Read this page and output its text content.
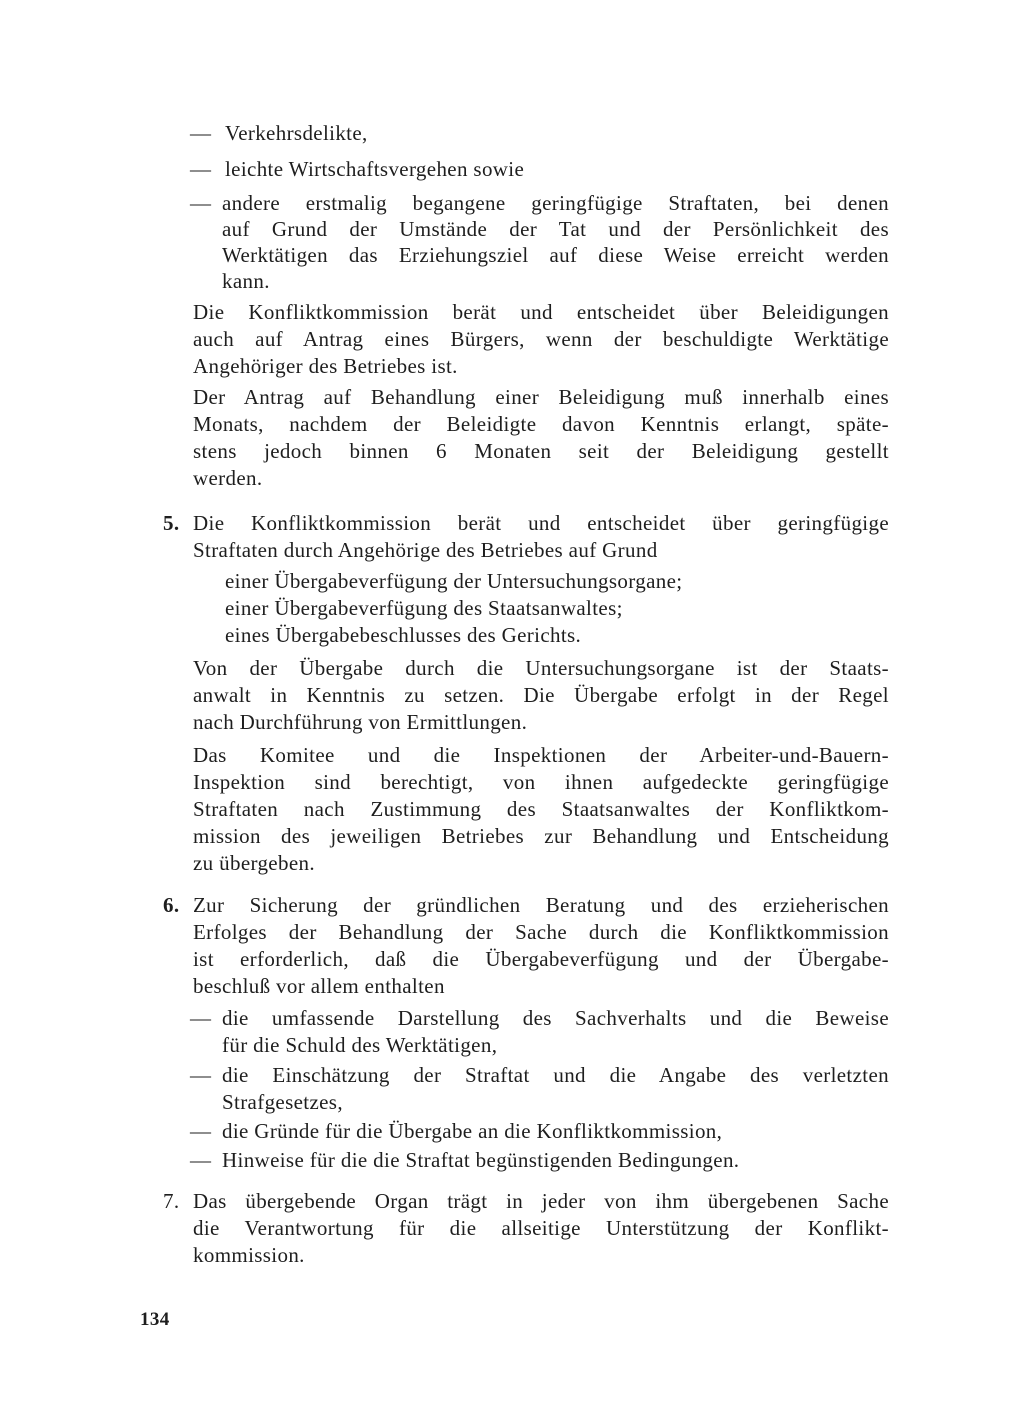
— Verkehrsdelikte,
— leichte Wirtschaftsvergehen sowie
— andere erstmalig begangene geringfügige Straftaten, bei denen
auf Grund der Umstände der Tat und der Persönlichkeit des
Werktätigen das Erziehungsziel auf diese Weise erreicht werden
kann.
Die Konfliktkommission berät und entscheidet über Beleidigungen
auch auf Antrag eines Bürgers, wenn der beschuldigte Werktätige
Angehöriger des Betriebes ist.
Der Antrag auf Behandlung einer Beleidigung muß innerhalb eines
Monats, nachdem der Beleidigte davon Kenntnis erlangt, späte-
stens jedoch binnen 6 Monaten seit der Beleidigung gestellt
werden.
5. Die Konfliktkommission berät und entscheidet über geringfügige
Straftaten durch Angehörige des Betriebes auf Grund
einer Übergabeverfügung der Untersuchungsorgane;
einer Übergabeverfügung des Staatsanwaltes;
eines Übergabebeschlusses des Gerichts.
Von der Übergabe durch die Untersuchungsorgane ist der Staats-
anwalt in Kenntnis zu setzen. Die Übergabe erfolgt in der Regel
nach Durchführung von Ermittlungen.
Das Komitee und die Inspektionen der Arbeiter-und-Bauern-
Inspektion sind berechtigt, von ihnen aufgedeckte geringfügige
Straftaten nach Zustimmung des Staatsanwaltes der Konfliktkom-
mission des jeweiligen Betriebes zur Behandlung und Entscheidung
zu übergeben.
6. Zur Sicherung der gründlichen Beratung und des erzieherischen
Erfolges der Behandlung der Sache durch die Konfliktkommission
ist erforderlich, daß die Übergabeverfügung und der Übergabe-
beschluß vor allem enthalten
— die umfassende Darstellung des Sachverhalts und die Beweise
für die Schuld des Werktätigen,
— die Einschätzung der Straftat und die Angabe des verletzten
Strafgesetzes,
— die Gründe für die Übergabe an die Konfliktkommission,
— Hinweise für die die Straftat begünstigenden Bedingungen.
7. Das übergebende Organ trägt in jeder von ihm übergebenen Sache
die Verantwortung für die allseitige Unterstützung der Konflikt-
kommission.
134
